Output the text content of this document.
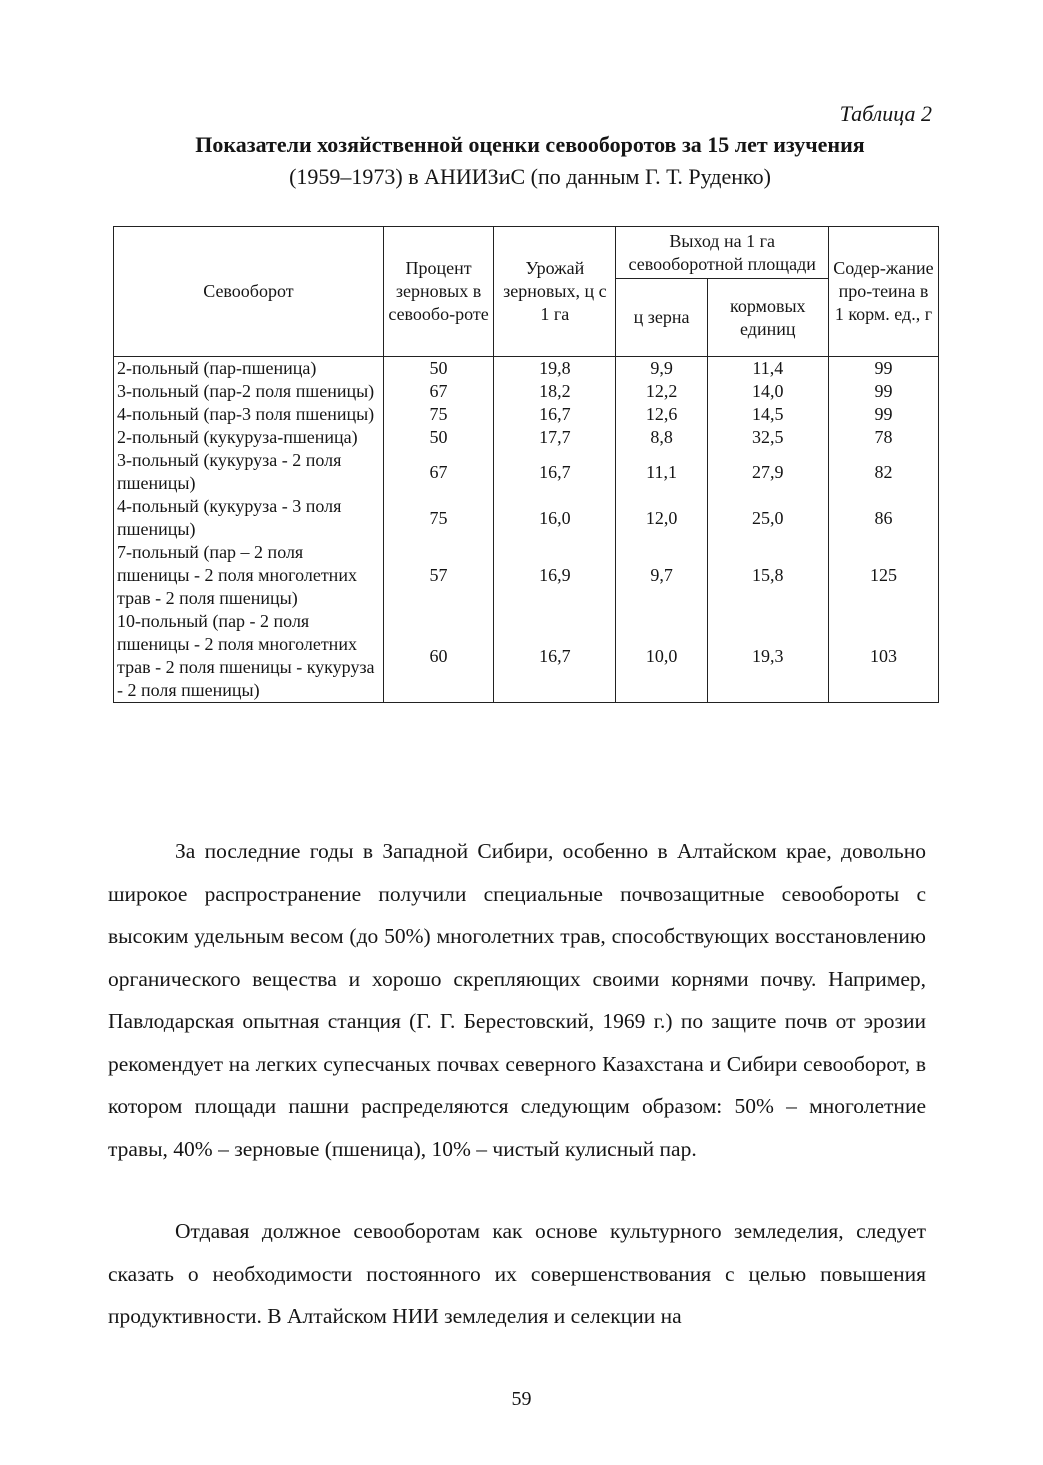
Таблица 2
Показатели хозяйственной оценки севооборотов за 15 лет изучения
(1959–1973) в АНИИЗиС (по данным Г. Т. Руденко)
Севооборот	Процент зерновых в севообо-роте	Урожай зерновых, ц с 1 га	Выход на 1 га севооборотной площади		Содер-жание про-теина в 1 корм. ед., г
			ц зерна	кормовых единиц	
2-польный (пар-пшеница)	50	19,8	9,9	11,4	99
3-польный (пар-2 поля пшеницы)	67	18,2	12,2	14,0	99
4-польный (пар-3 поля пшеницы)	75	16,7	12,6	14,5	99
2-польный (кукуруза-пшеница)	50	17,7	8,8	32,5	78
3-польный (кукуруза - 2 поля пшеницы)	67	16,7	11,1	27,9	82
4-польный (кукуруза - 3 поля пшеницы)	75	16,0	12,0	25,0	86
7-польный (пар – 2 поля пшеницы - 2 поля многолетних трав - 2 поля пшеницы)	57	16,9	9,7	15,8	125
10-польный (пар - 2 поля пшеницы - 2 поля многолетних трав - 2 поля пшеницы - кукуруза - 2 поля пшеницы)	60	16,7	10,0	19,3	103

За последние годы в Западной Сибири, особенно в Алтайском крае, довольно широкое распространение получили специальные почвозащитные севообороты с высоким удельным весом (до 50%) многолетних трав, способствующих восстановлению органического вещества и хорошо скрепляющих своими корнями почву. Например, Павлодарская опытная станция (Г. Г. Берестовский, 1969 г.) по защите почв от эрозии рекомендует на легких супесчаных почвах северного Казахстана и Сибири севооборот, в котором площади пашни распределяются следующим образом: 50% – многолетние травы, 40% – зерновые (пшеница), 10% – чистый кулисный пар.

Отдавая должное севооборотам как основе культурного земледелия, следует сказать о необходимости постоянного их совершенствования с целью повышения продуктивности. В Алтайском НИИ земледелия и селекции на

59
